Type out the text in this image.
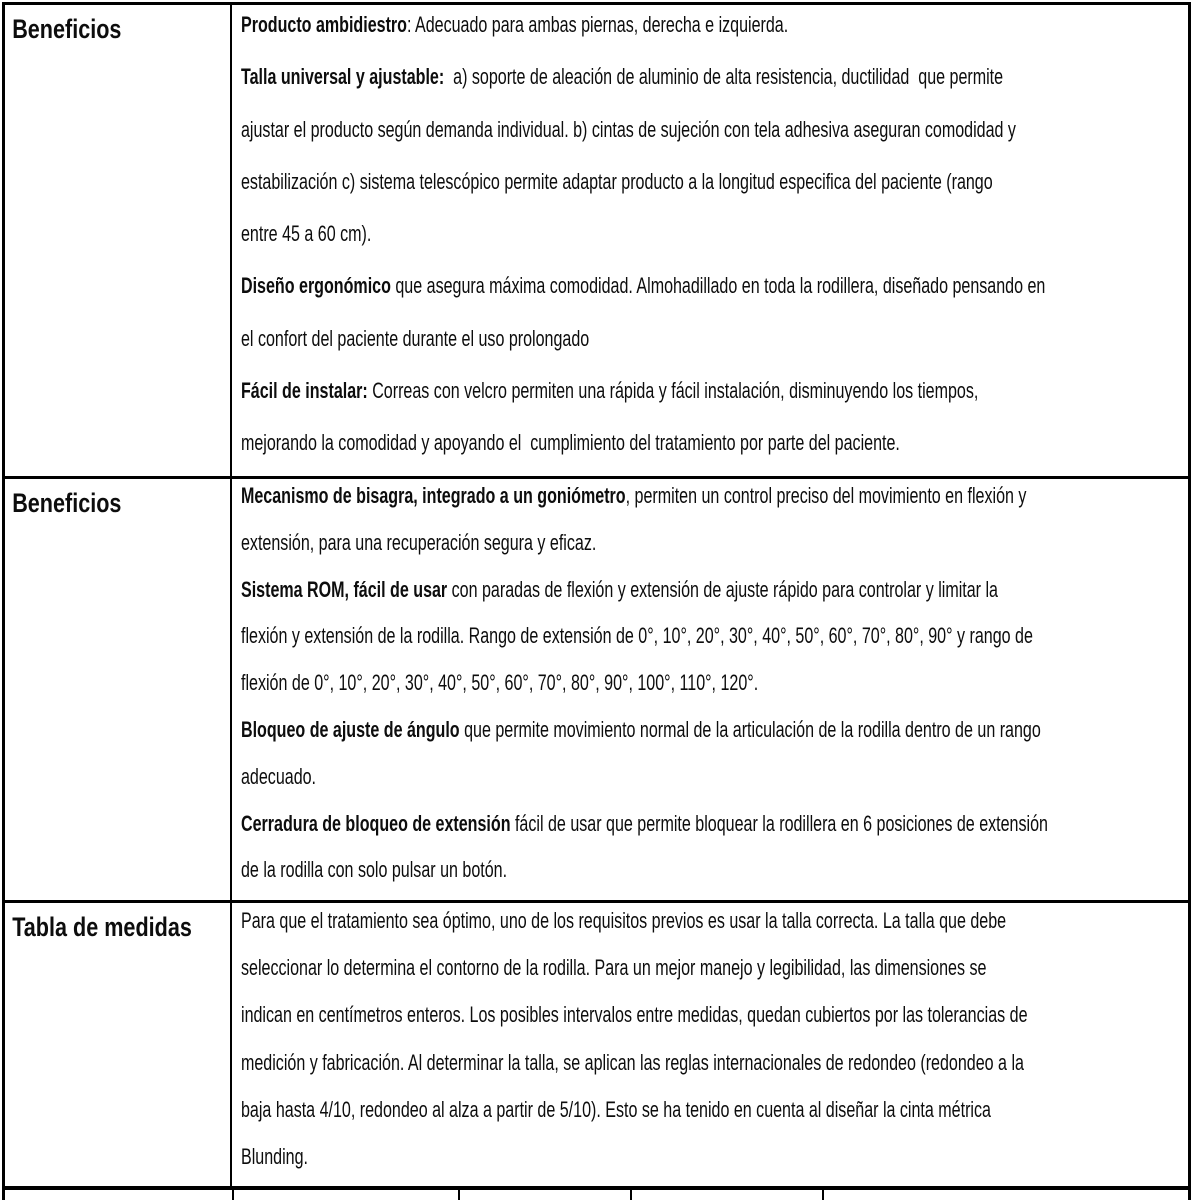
Beneficios	Producto ambidiestro: Adecuado para ambas piernas, derecha e izquierda.
Talla universal y ajustable:  a) soporte de aleación de aluminio de alta resistencia, ductilidad  que permite
ajustar el producto según demanda individual. b) cintas de sujeción con tela adhesiva aseguran comodidad y
estabilización c) sistema telescópico permite adaptar producto a la longitud especifica del paciente (rango
entre 45 a 60 cm).
Diseño ergonómico que asegura máxima comodidad. Almohadillado en toda la rodillera, diseñado pensando en
el confort del paciente durante el uso prolongado
Fácil de instalar: Correas con velcro permiten una rápida y fácil instalación, disminuyendo los tiempos,
mejorando la comodidad y apoyando el  cumplimiento del tratamiento por parte del paciente.
Beneficios	Mecanismo de bisagra, integrado a un goniómetro, permiten un control preciso del movimiento en flexión y
extensión, para una recuperación segura y eficaz.
Sistema ROM, fácil de usar con paradas de flexión y extensión de ajuste rápido para controlar y limitar la
flexión y extensión de la rodilla. Rango de extensión de 0°, 10°, 20°, 30°, 40°, 50°, 60°, 70°, 80°, 90° y rango de
flexión de 0°, 10°, 20°, 30°, 40°, 50°, 60°, 70°, 80°, 90°, 100°, 110°, 120°.
Bloqueo de ajuste de ángulo que permite movimiento normal de la articulación de la rodilla dentro de un rango
adecuado.
Cerradura de bloqueo de extensión fácil de usar que permite bloquear la rodillera en 6 posiciones de extensión
de la rodilla con solo pulsar un botón.
Tabla de medidas Para que el tratamiento sea óptimo, uno de los requisitos previos es usar la talla correcta. La talla que debe
seleccionar lo determina el contorno de la rodilla. Para un mejor manejo y legibilidad, las dimensiones se
indican en centímetros enteros. Los posibles intervalos entre medidas, quedan cubiertos por las tolerancias de
medición y fabricación. Al determinar la talla, se aplican las reglas internacionales de redondeo (redondeo a la
baja hasta 4/10, redondeo al alza a partir de 5/10). Esto se ha tenido en cuenta al diseñar la cinta métrica
Blunding.
